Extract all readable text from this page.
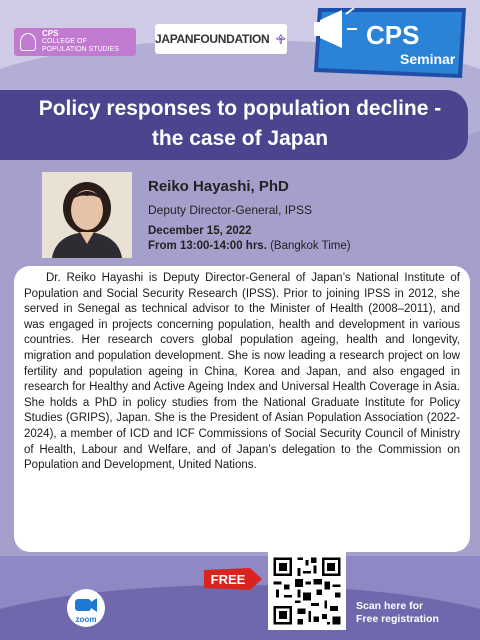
CPS
COLLEGE OF
POPULATION STUDIES
JAPANFOUNDATION	CPS
Seminar
Policy responses to population decline -
the case of Japan
Reiko Hayashi, PhD
Deputy Director-General, IPSS
December 15, 2022
From 13:00-14:00 hrs. (Bangkok Time)

Dr. Reiko Hayashi is Deputy Director-General of Japan’s National Institute of Population and Social Security Research (IPSS). Prior to joining IPSS in 2012, she served in Senegal as technical advisor to the Minister of Health (2008–2011), and was engaged in projects concerning population, health and development in various countries. Her research covers global population ageing, health and longevity, migration and population development. She is now leading a research project on low fertility and population ageing in China, Korea and Japan, and also engaged in research for Healthy and Active Ageing Index and Universal Health Coverage in Asia. She holds a PhD in policy studies from the National Graduate Institute for Policy Studies (GRIPS), Japan. She is the President of Asian Population Association (2022-2024), a member of ICD and ICF Commissions of Social Security Council of Ministry of Health, Labour and Welfare, and of Japan’s delegation to the Commission on Population and Development, United Nations.

zoom
FREE
Scan here for
Free registration
